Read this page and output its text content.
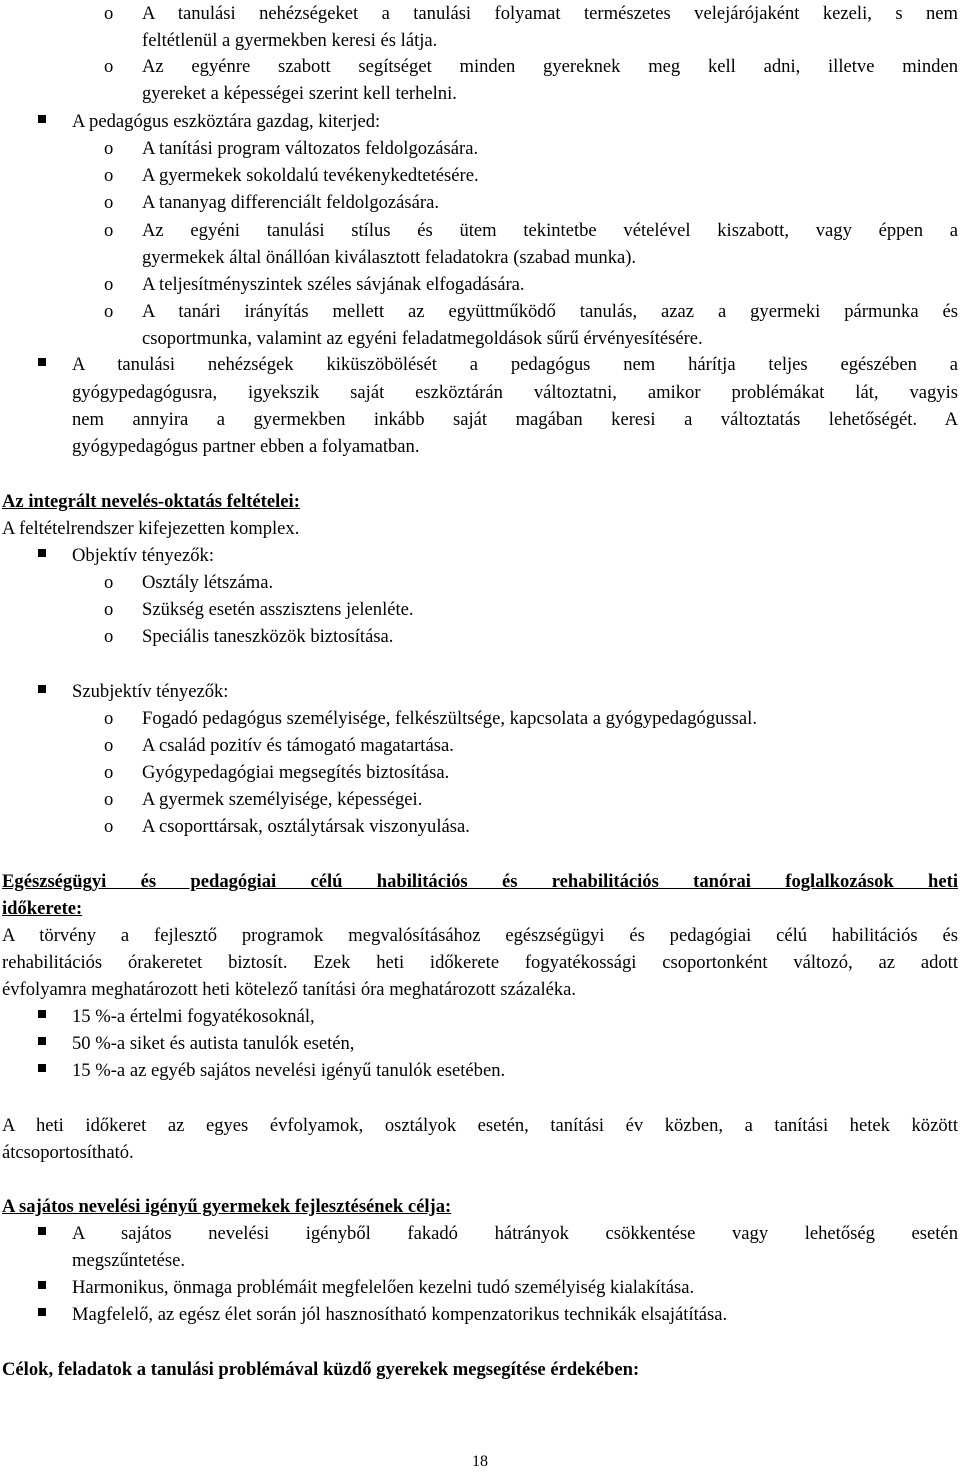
o
o
o
o
o
o
o
o
o
o
o
o
o
o
o
o
A tanulási nehézségeket a tanulási folyamat természetes velejárójaként kezeli, s nem
feltétlenül a gyermekben keresi és látja.
Az egyénre szabott segítséget minden gyereknek meg kell adni, illetve minden
gyereket a képességei szerint kell terhelni.
A pedagógus eszköztára gazdag, kiterjed:
A tanítási program változatos feldolgozására.
A gyermekek sokoldalú tevékenykedtetésére.
A tananyag differenciált feldolgozására.
Az egyéni tanulási stílus és ütem tekintetbe vételével kiszabott, vagy éppen a
gyermekek által önállóan kiválasztott feladatokra (szabad munka).
A teljesítményszintek széles sávjának elfogadására.
A tanári irányítás mellett az együttműködő tanulás, azaz a gyermeki pármunka és
csoportmunka, valamint az egyéni feladatmegoldások sűrű érvényesítésére.
A tanulási nehézségek kiküszöbölését a pedagógus nem hárítja teljes egészében a
gyógypedagógusra, igyekszik saját eszköztárán változtatni, amikor problémákat lát, vagyis
nem annyira a gyermekben inkább saját magában keresi a változtatás lehetőségét. A
gyógypedagógus partner ebben a folyamatban.
Az integrált nevelés-oktatás feltételei:
A feltételrendszer kifejezetten komplex.
Objektív tényezők:
Osztály létszáma.
Szükség esetén asszisztens jelenléte.
Speciális taneszközök biztosítása.
Szubjektív tényezők:
Fogadó pedagógus személyisége, felkészültsége, kapcsolata a gyógypedagógussal.
A család pozitív és támogató magatartása.
Gyógypedagógiai megsegítés biztosítása.
A gyermek személyisége, képességei.
A csoporttársak, osztálytársak viszonyulása.
Egészségügyi és pedagógiai célú habilitációs és rehabilitációs tanórai foglalkozások heti
időkerete:
A törvény a fejlesztő programok megvalósításához egészségügyi és pedagógiai célú habilitációs és
rehabilitációs órakeretet biztosít. Ezek heti időkerete fogyatékossági csoportonként változó, az adott
évfolyamra meghatározott heti kötelező tanítási óra meghatározott százaléka.
15 %-a értelmi fogyatékosoknál,
50 %-a siket és autista tanulók esetén,
15 %-a az egyéb sajátos nevelési igényű tanulók esetében.
A heti időkeret az egyes évfolyamok, osztályok esetén, tanítási év közben, a tanítási hetek között
átcsoportosítható.
A sajátos nevelési igényű gyermekek fejlesztésének célja:
A sajátos nevelési igényből fakadó hátrányok csökkentése vagy lehetőség esetén
megszűntetése.
Harmonikus, önmaga problémáit megfelelően kezelni tudó személyiség kialakítása.
Magfelelő, az egész élet során jól hasznosítható kompenzatorikus technikák elsajátítása.
Célok, feladatok a tanulási problémával küzdő gyerekek megsegítése érdekében:
18
